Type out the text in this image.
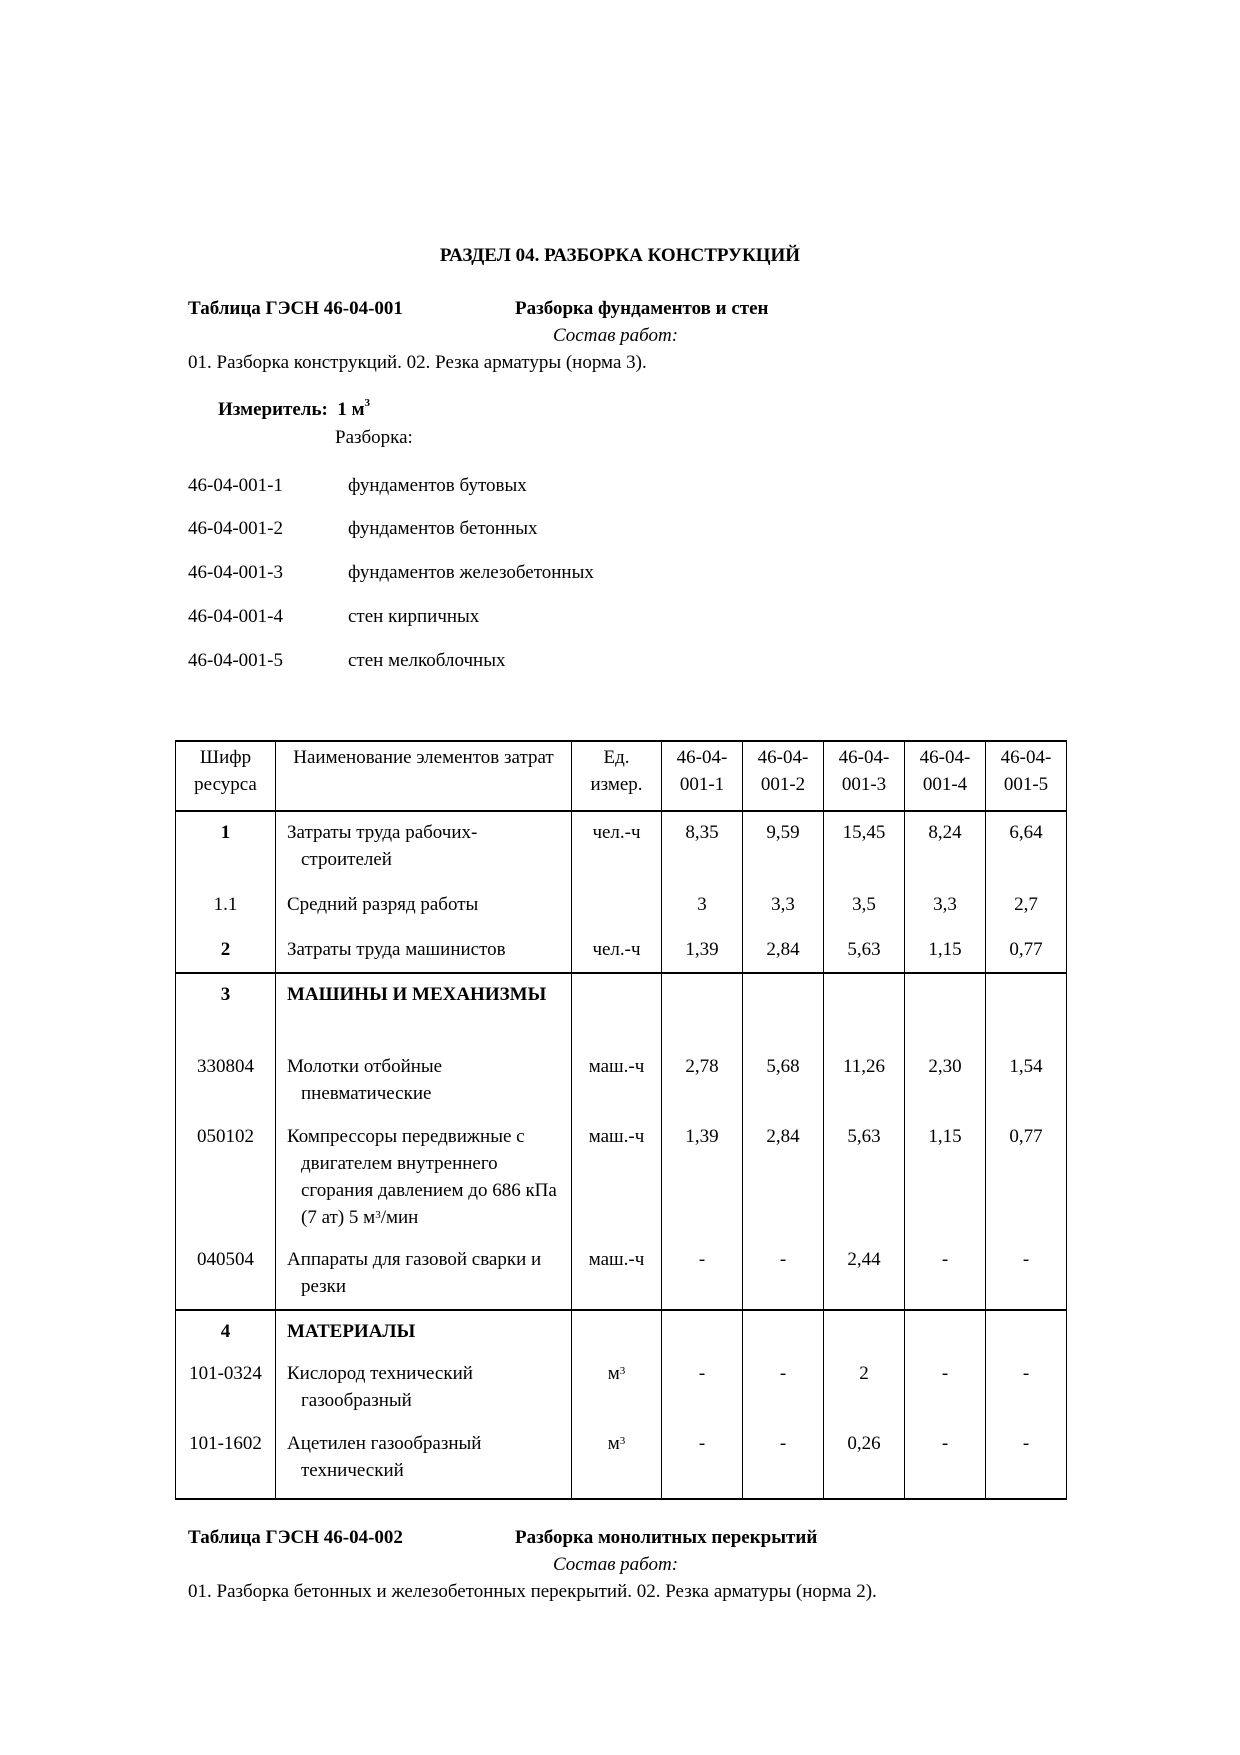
РАЗДЕЛ 04. РАЗБОРКА КОНСТРУКЦИЙ
Таблица ГЭСН 46-04-001	Разборка фундаментов и стен
Состав работ:
01. Разборка конструкций. 02. Резка арматуры (норма 3).
Измеритель: 1 $м^3$
Разборка:
46-04-001-1	фундаментов бутовых
46-04-001-2	фундаментов бетонных
46-04-001-3	фундаментов железобетонных
46-04-001-4	стен кирпичных
46-04-001-5	стен мелкоблочных
Шифр ресурса	Наименование элементов затрат	Ед. измер.	46-04-001-1	46-04-001-2	46-04-001-3	46-04-001-4	46-04-001-5
1	Затраты труда рабочих-строителей	чел.-ч	8,35	9,59	15,45	8,24	6,64
1.1	Средний разряд работы		3	3,3	3,5	3,3	2,7
2	Затраты труда машинистов	чел.-ч	1,39	2,84	5,63	1,15	0,77
3	МАШИНЫ И МЕХАНИЗМЫ						

330804	Молотки отбойные пневматические	маш.-ч	2,78	5,68	11,26	2,30	1,54
050102	Компрессоры передвижные с двигателем внутреннего сгорания давлением до 686 кПа (7 ат) 5 $м^3$/мин	маш.-ч	1,39	2,84	5,63	1,15	0,77
040504	Аппараты для газовой сварки и резки	маш.-ч	-	-	2,44	-	-
4	МАТЕРИАЛЫ						

101-0324	Кислород технический газообразный	$м^3$	-	-	2	-	-
101-1602	Ацетилен газообразный технический	$м^3$	-	-	0,26	-	-
Таблица ГЭСН 46-04-002	Разборка монолитных перекрытий
Состав работ:
01. Разборка бетонных и железобетонных перекрытий. 02. Резка арматуры (норма 2).
